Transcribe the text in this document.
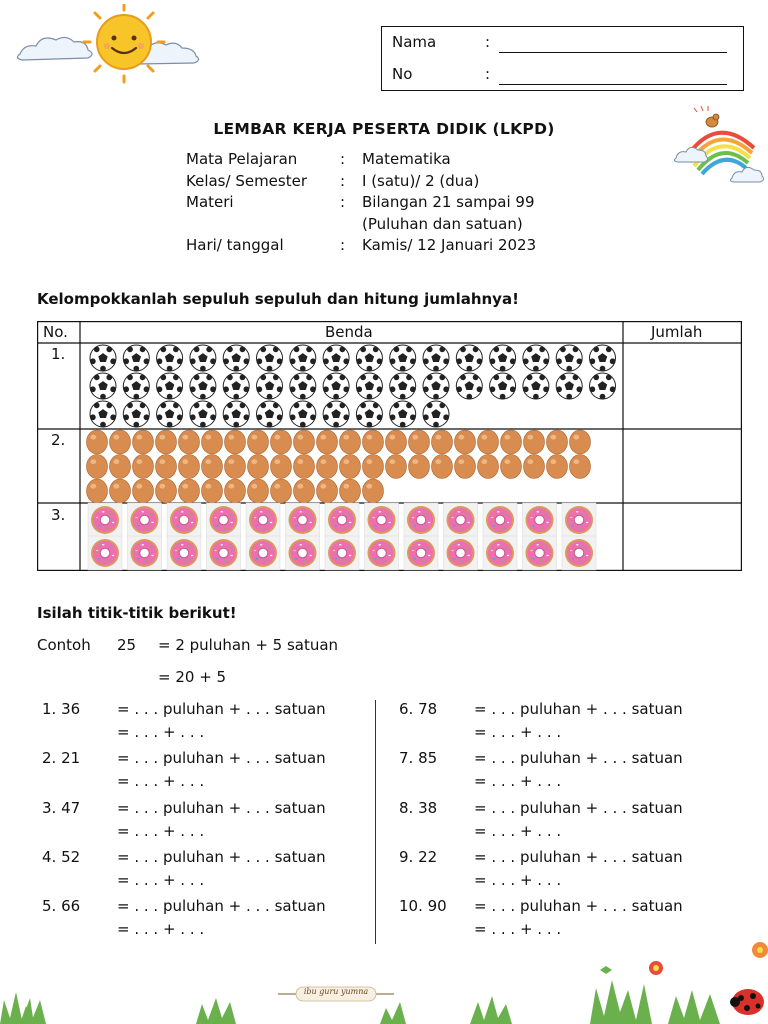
Nama	:
No	:
LEMBAR KERJA PESERTA DIDIK (LKPD)
Mata Pelajaran	: Matematika
Kelas/ Semester : I (satu)/ 2 (dua)
Materi	: Bilangan 21 sampai 99
(Puluhan dan satuan)
Hari/ tanggal	: Kamis/ 12 Januari 2023
Kelompokkanlah sepuluh sepuluh dan hitung jumlahnya!
No.	Benda	Jumlah
1.
2.
3.
Isilah titik-titik berikut!
Contoh 25 = 2 puluhan + 5 satuan
= 20 + 5
1. 36 = . . . puluhan + . . . satuan
= . . . + . . .
2. 21 = . . . puluhan + . . . satuan
= . . . + . . .
3. 47 = . . . puluhan + . . . satuan
= . . . + . . .
4. 52 = . . . puluhan + . . . satuan
= . . . + . . .
5. 66 = . . . puluhan + . . . satuan
= . . . + . . .
6. 78 = . . . puluhan + . . . satuan
= . . . + . . .
7. 85 = . . . puluhan + . . . satuan
= . . . + . . .
8. 38 = . . . puluhan + . . . satuan
= . . . + . . .
9. 22 = . . . puluhan + . . . satuan
= . . . + . . .
10. 90 = . . . puluhan + . . . satuan
= . . . + . . .
ibu guru yumna
